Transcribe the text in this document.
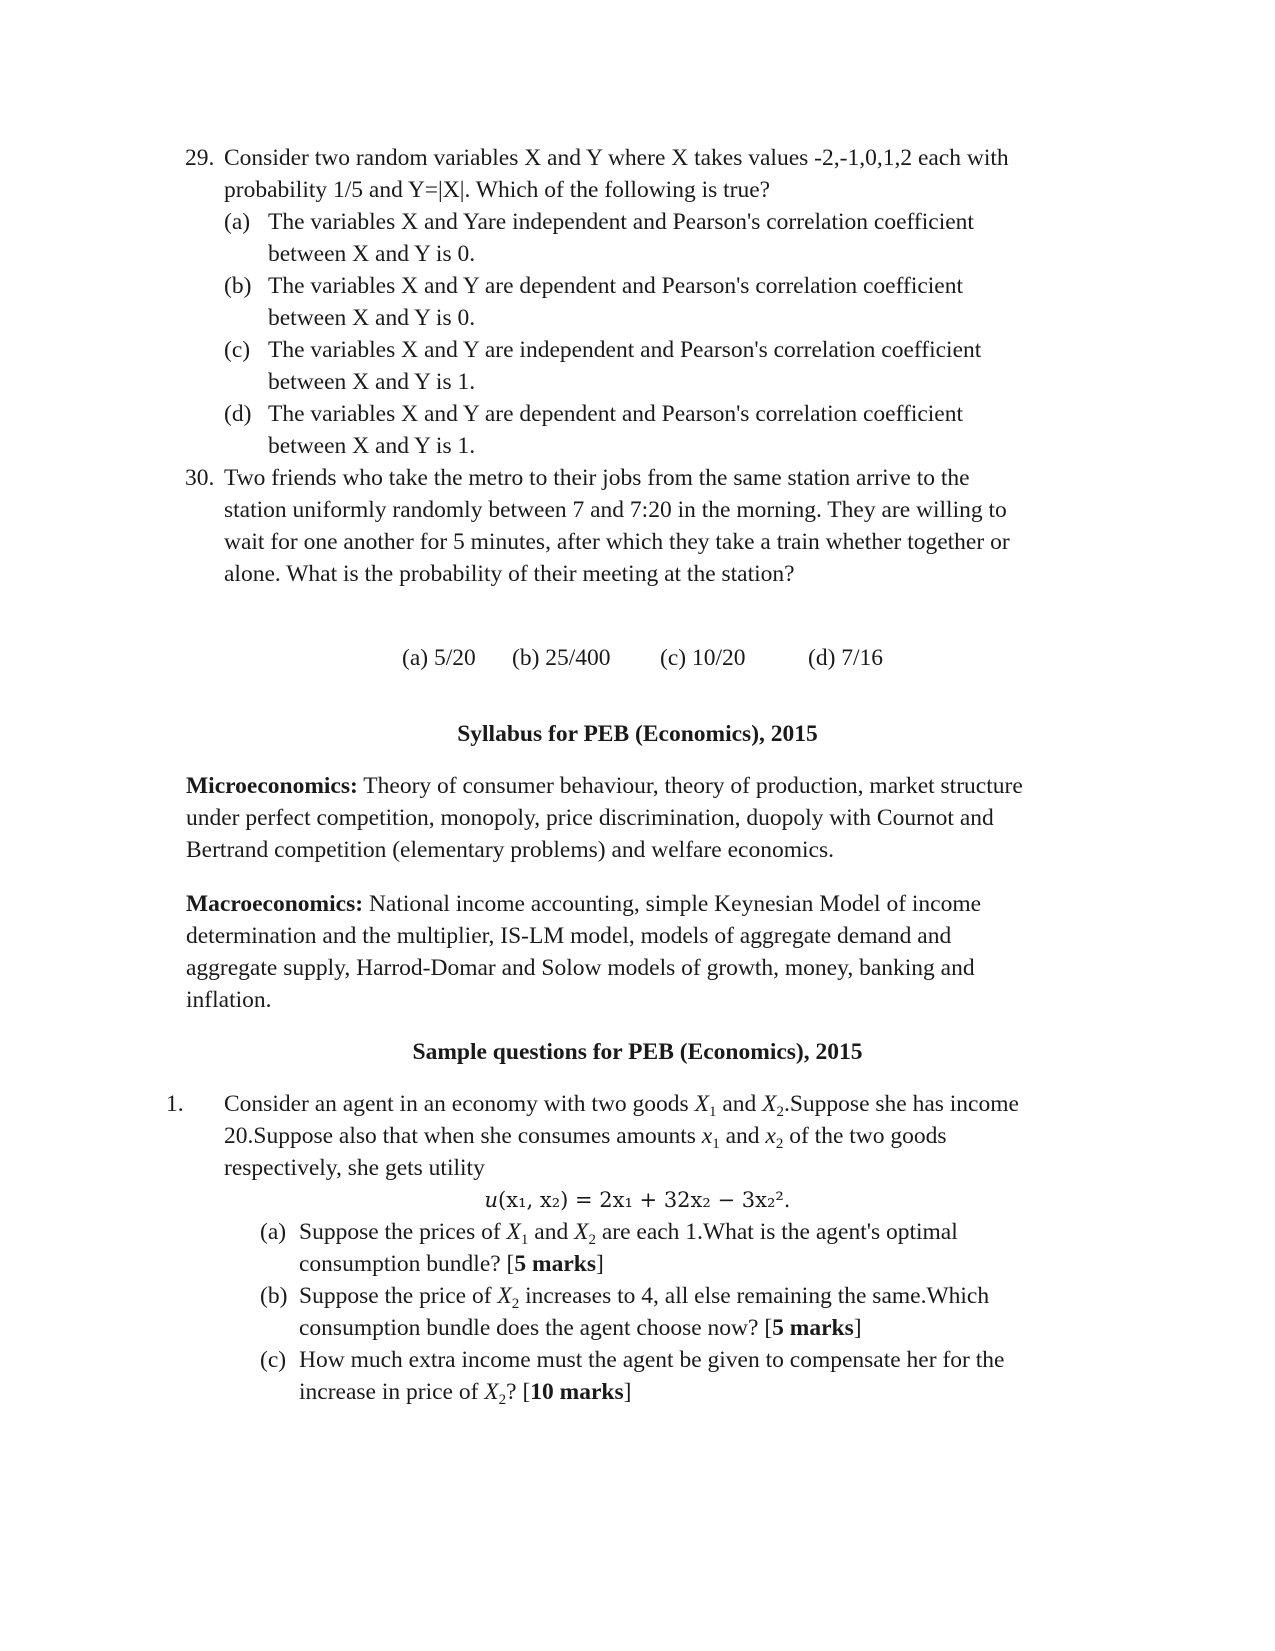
29. Consider two random variables X and Y where X takes values -2,-1,0,1,2 each with
probability 1/5 and Y=|X|. Which of the following is true?
(a) The variables X and Yare independent and Pearson's correlation coefficient
between X and Y is 0.
(b) The variables X and Y are dependent and Pearson's correlation coefficient
between X and Y is 0.
(c) The variables X and Y are independent and Pearson's correlation coefficient
between X and Y is 1.
(d) The variables X and Y are dependent and Pearson's correlation coefficient
between X and Y is 1.
30. Two friends who take the metro to their jobs from the same station arrive to the
station uniformly randomly between 7 and 7:20 in the morning. They are willing to
wait for one another for 5 minutes, after which they take a train whether together or
alone. What is the probability of their meeting at the station?
(a) 5/20 (b) 25/400 (c) 10/20	(d) 7/16
Syllabus for PEB (Economics), 2015
Microeconomics: Theory of consumer behaviour, theory of production, market structure
under perfect competition, monopoly, price discrimination, duopoly with Cournot and
Bertrand competition (elementary problems) and welfare economics.
Macroeconomics: National income accounting, simple Keynesian Model of income
determination and the multiplier, IS-LM model, models of aggregate demand and
aggregate supply, Harrod-Domar and Solow models of growth, money, banking and
inflation.
Sample questions for PEB (Economics), 2015
1. Consider an agent in an economy with two goods $X_1$ and $X_2.Suppose$ she has income
20.Suppose also that when she consumes amounts $x_1$ and $x_2$ of the two goods
respectively, she gets utility
u(x₁, x₂) = 2x₁ + 32x₂ − 3x₂².
(a) Suppose the prices of $X_1$ and $X_2$ are each 1.What is the agent's optimal
consumption bundle? [5 marks]
(b) Suppose the price of $X_2$ increases to 4, all else remaining the same.Which
consumption bundle does the agent choose now? [5 marks]
(c) How much extra income must the agent be given to compensate her for the
increase in price of $X_2$? [10 marks]
